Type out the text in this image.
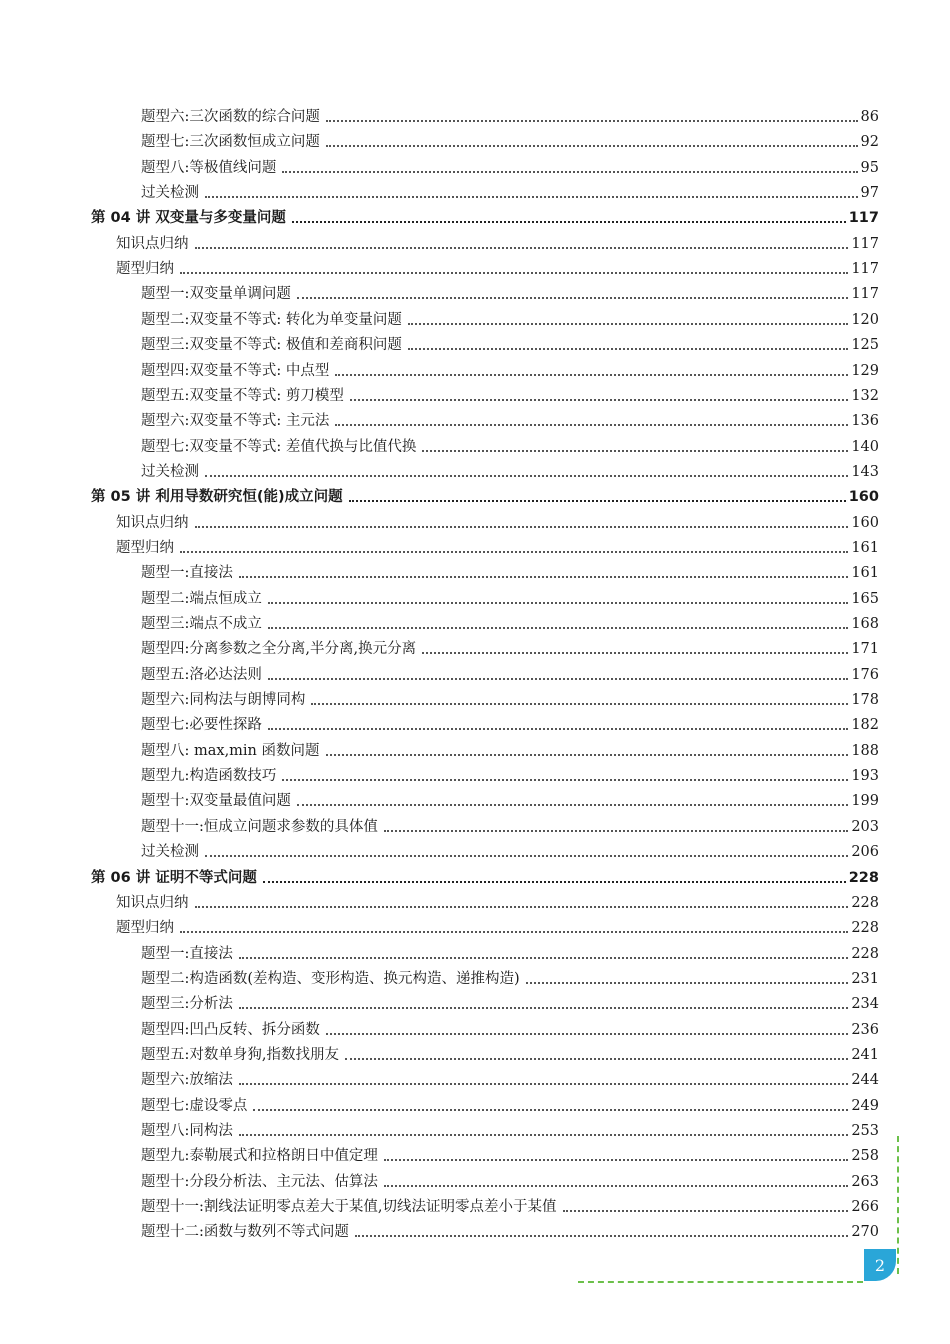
题型六:三次函数的综合问题	86
题型七:三次函数恒成立问题	92
题型八:等极值线问题	95
过关检测	97
第 04 讲 双变量与多变量问题	117
知识点归纳	117
题型归纳	117
题型一:双变量单调问题	117
题型二:双变量不等式: 转化为单变量问题	120
题型三:双变量不等式: 极值和差商积问题	125
题型四:双变量不等式: 中点型	129
题型五:双变量不等式: 剪刀模型	132
题型六:双变量不等式: 主元法	136
题型七:双变量不等式: 差值代换与比值代换	140
过关检测	143
第 05 讲 利用导数研究恒(能)成立问题	160
知识点归纳	160
题型归纳	161
题型一:直接法	161
题型二:端点恒成立	165
题型三:端点不成立	168
题型四:分离参数之全分离,半分离,换元分离	171
题型五:洛必达法则	176
题型六:同构法与朗博同构	178
题型七:必要性探路	182
题型八: max,min 函数问题	188
题型九:构造函数技巧	193
题型十:双变量最值问题	199
题型十一:恒成立问题求参数的具体值	203
过关检测	206
第 06 讲 证明不等式问题	228
知识点归纳	228
题型归纳	228
题型一:直接法	228
题型二:构造函数(差构造、变形构造、换元构造、递推构造)	231
题型三:分析法	234
题型四:凹凸反转、拆分函数	236
题型五:对数单身狗,指数找朋友	241
题型六:放缩法	244
题型七:虚设零点	249
题型八:同构法	253
题型九:泰勒展式和拉格朗日中值定理	258
题型十:分段分析法、主元法、估算法	263
题型十一:割线法证明零点差大于某值,切线法证明零点差小于某值	266
题型十二:函数与数列不等式问题	270
2
